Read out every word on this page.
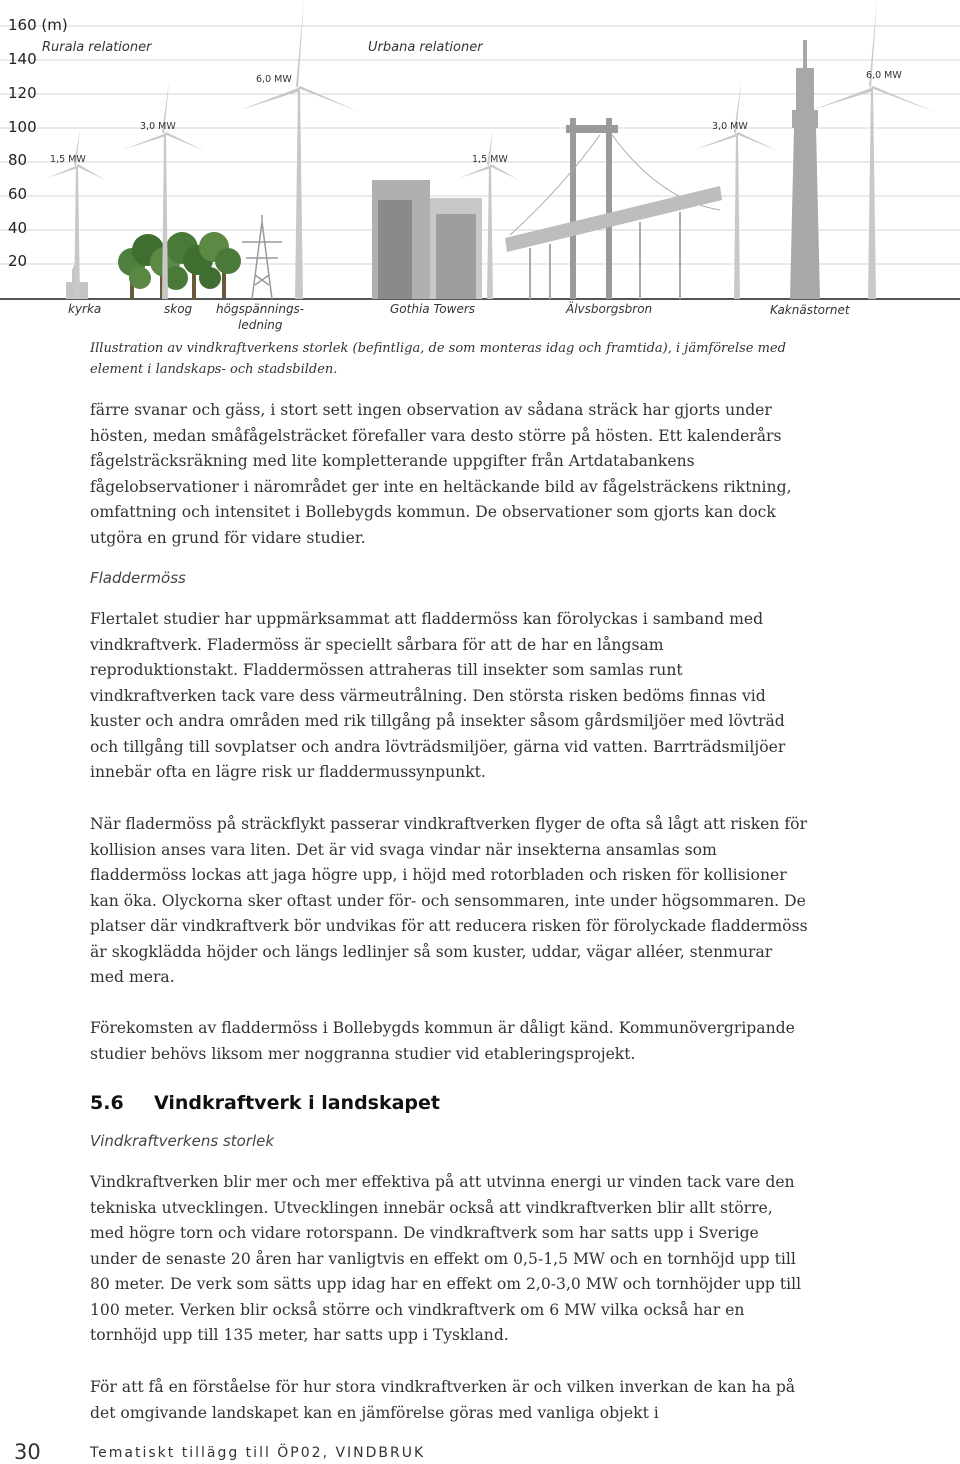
160 (m)
140
120
100
80
60
40
20
Rurala relationer	Urbana relationer
1,5 MW
3,0 MW
6,0 MW
1,5 MW
3,0 MW
6,0 MW
kyrka	skog högspännings-
ledning
Gothia Towers	Älvsborgsbron	Kaknästornet
Illustration av vindkraftverkens storlek (befintliga, de som monteras idag och framtida), i jämförelse med element i landskaps- och stadsbilden.

färre svanar och gäss, i stort sett ingen observation av sådana sträck har gjorts under hösten, medan småfågelsträcket förefaller vara desto större på hösten. Ett kalenderårs fågelsträcksräkning med lite kompletterande uppgifter från Artdatabankens fågelobservationer i närområdet ger inte en heltäckande bild av fågelsträckens riktning, omfattning och intensitet i Bollebygds kommun. De observationer som gjorts kan dock utgöra en grund för vidare studier.

Fladdermöss

Flertalet studier har uppmärksammat att fladdermöss kan förolyckas i samband med vindkraftverk. Fladermöss är speciellt sårbara för att de har en långsam reproduktionstakt. Fladdermössen attraheras till insekter som samlas runt vindkraftverken tack vare dess värmeutrålning. Den största risken bedöms finnas vid kuster och andra områden med rik tillgång på insekter såsom gårdsmiljöer med lövträd och tillgång till sovplatser och andra lövträdsmiljöer, gärna vid vatten. Barrträdsmiljöer innebär ofta en lägre risk ur fladdermussynpunkt.

När fladermöss på sträckflykt passerar vindkraftverken flyger de ofta så lågt att risken för kollision anses vara liten. Det är vid svaga vindar när insekterna ansamlas som fladdermöss lockas att jaga högre upp, i höjd med rotorbladen och risken för kollisioner kan öka. Olyckorna sker oftast under för- och sensommaren, inte under högsommaren. De platser där vindkraftverk bör undvikas för att reducera risken för förolyckade fladdermöss är skogklädda höjder och längs ledlinjer så som kuster, uddar, vägar alléer, stenmurar med mera.

Förekomsten av fladdermöss i Bollebygds kommun är dåligt känd. Kommunövergripande studier behövs liksom mer noggranna studier vid etableringsprojekt.

5.6 Vindkraftverk i landskapet

Vindkraftverkens storlek

Vindkraftverken blir mer och mer effektiva på att utvinna energi ur vinden tack vare den tekniska utvecklingen. Utvecklingen innebär också att vindkraftverken blir allt större, med högre torn och vidare rotorspann. De vindkraftverk som har satts upp i Sverige under de senaste 20 åren har vanligtvis en effekt om 0,5-1,5 MW och en tornhöjd upp till 80 meter. De verk som sätts upp idag har en effekt om 2,0-3,0 MW och tornhöjder upp till 100 meter. Verken blir också större och vindkraftverk om 6 MW vilka också har en tornhöjd upp till 135 meter, har satts upp i Tyskland.

För att få en förståelse för hur stora vindkraftverken är och vilken inverkan de kan ha på det omgivande landskapet kan en jämförelse göras med vanliga objekt i

30	Tematiskt tillägg till ÖP02, VINDBRUK
